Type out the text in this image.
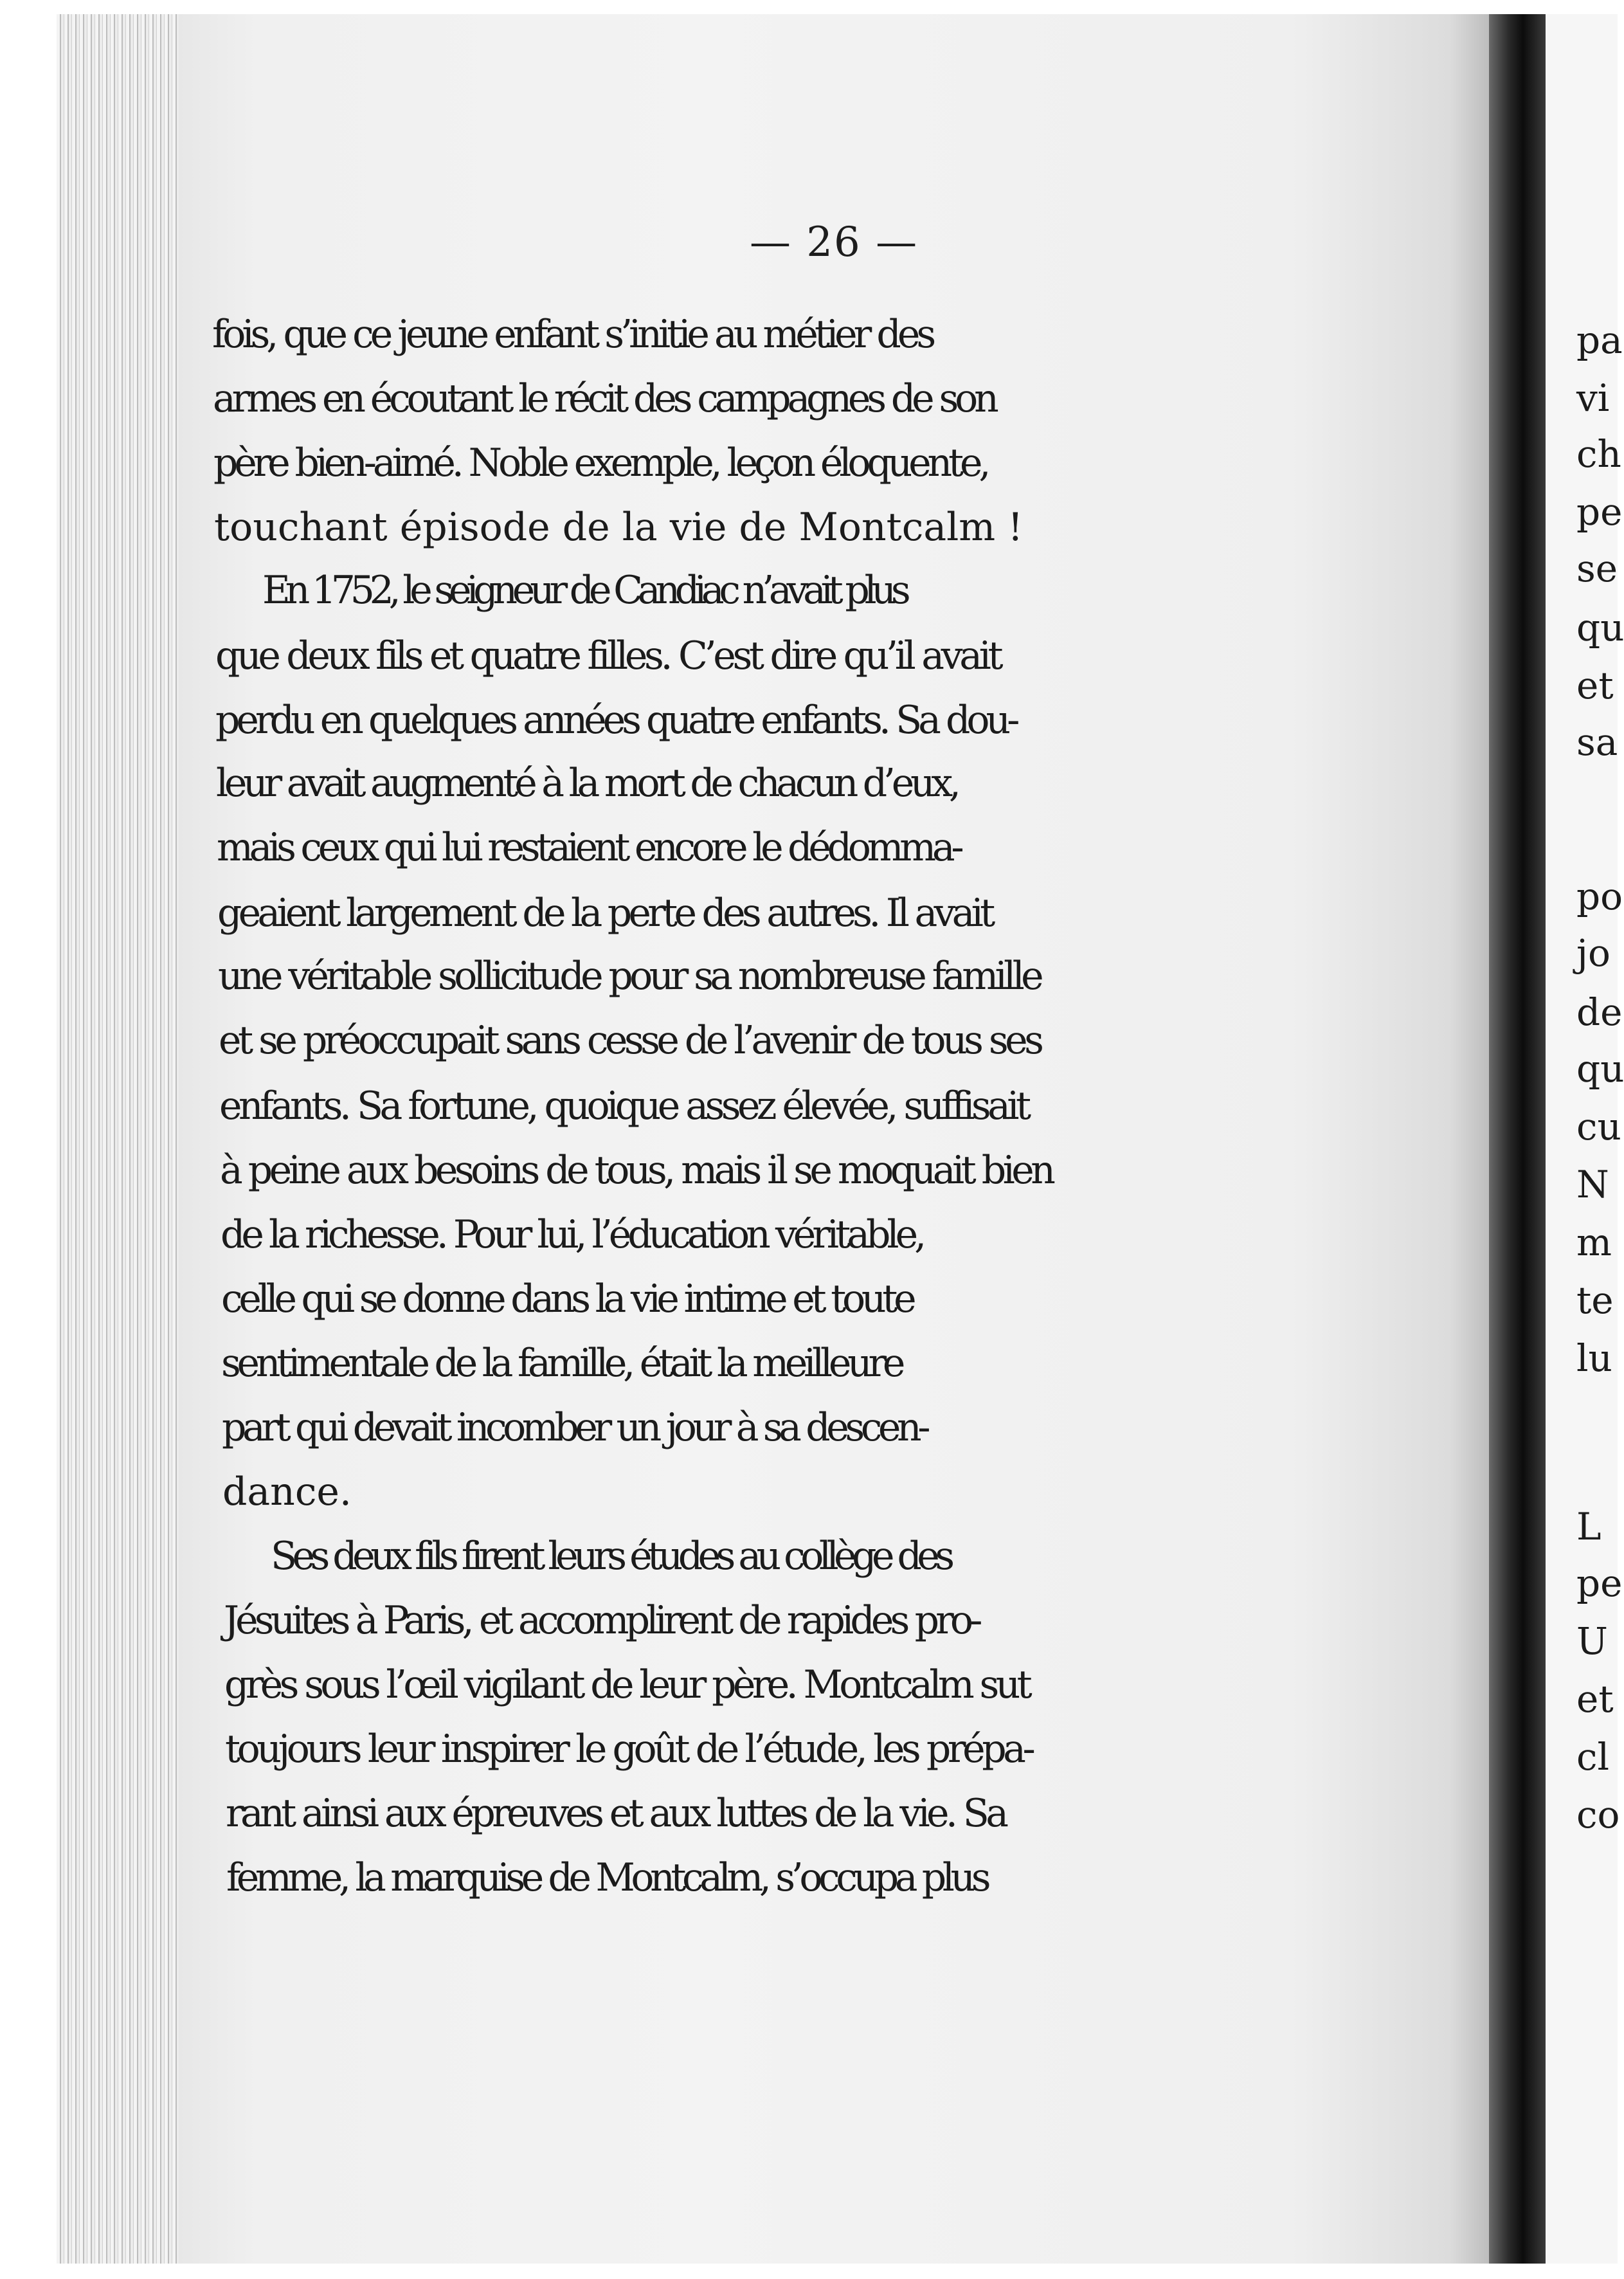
— 26 —
fois, que ce jeune enfant s’initie au métier des
armes en écoutant le récit des campagnes de son
père bien-aimé. Noble exemple, leçon éloquente,
touchant épisode de la vie de Montcalm !
En 1752, le seigneur de Candiac n’avait plus
que deux fils et quatre filles. C’est dire qu’il avait
perdu en quelques années quatre enfants. Sa dou-
leur avait augmenté à la mort de chacun d’eux,
mais ceux qui lui restaient encore le dédomma-
geaient largement de la perte des autres. Il avait
une véritable sollicitude pour sa nombreuse famille
et se préoccupait sans cesse de l’avenir de tous ses
enfants. Sa fortune, quoique assez élevée, suffisait
à peine aux besoins de tous, mais il se moquait bien
de la richesse. Pour lui, l’éducation véritable,
celle qui se donne dans la vie intime et toute
sentimentale de la famille, était la meilleure
part qui devait incomber un jour à sa descen-
dance.
Ses deux fils firent leurs études au collège des
Jésuites à Paris, et accomplirent de rapides pro-
grès sous l’œil vigilant de leur père. Montcalm sut
toujours leur inspirer le goût de l’étude, les prépa-
rant ainsi aux épreuves et aux luttes de la vie. Sa
femme, la marquise de Montcalm, s’occupa plus
pa
vi
ch
pe
se
qu
et
sa
po
jo
de
qu
cu
N
m
te
lu
L
pe
U
et
cl
co
